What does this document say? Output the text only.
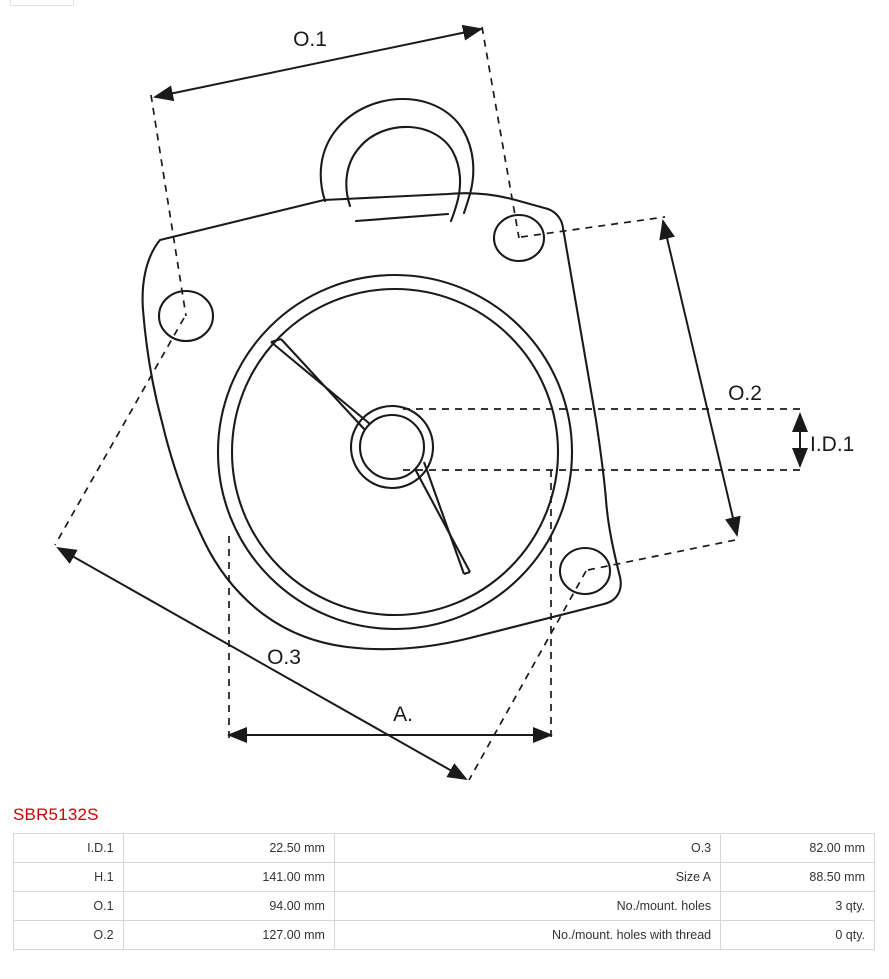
O.1
O.2
I.D.1
O.3
A.
SBR5132S
I.D.1	22.50 mm	O.3	82.00 mm
H.1	141.00 mm	Size A	88.50 mm
O.1	94.00 mm	No./mount. holes	3 qty.
O.2	127.00 mm	No./mount. holes with thread	0 qty.
